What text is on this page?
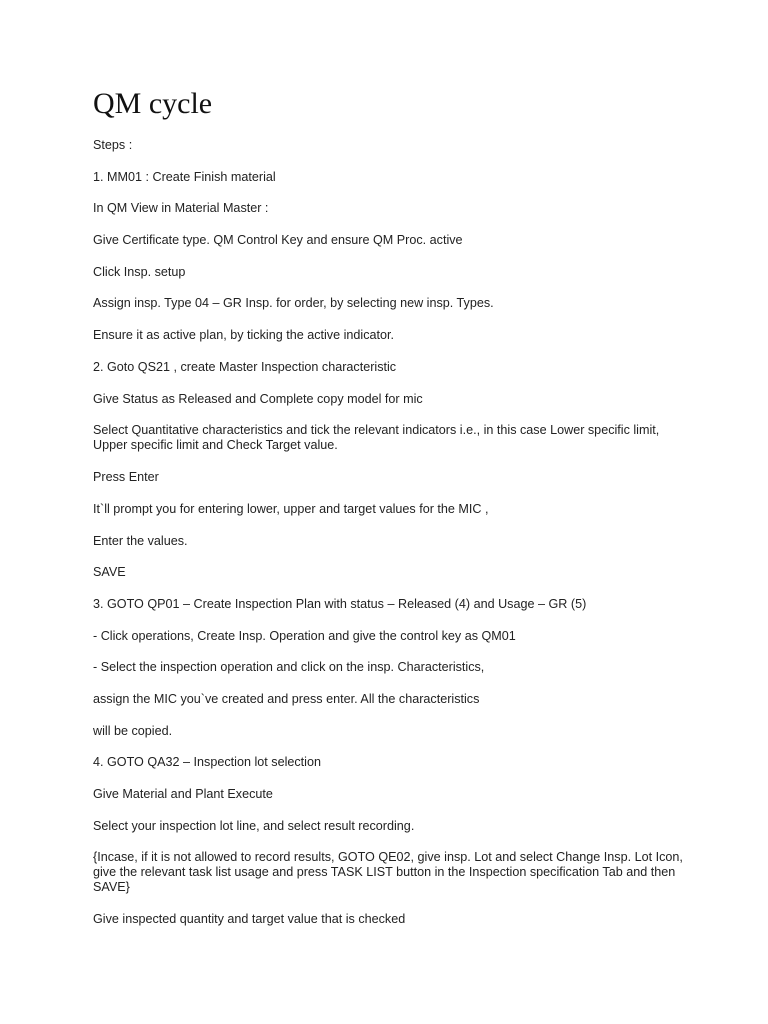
QM cycle

Steps :

1. MM01 : Create Finish material

In QM View in Material Master :

Give Certificate type. QM Control Key and ensure QM Proc. active

Click Insp. setup

Assign insp. Type 04 – GR Insp. for order, by selecting new insp. Types.

Ensure it as active plan, by ticking the active indicator.

2. Goto QS21 , create Master Inspection characteristic

Give Status as Released and Complete copy model for mic

Select Quantitative characteristics and tick the relevant indicators i.e., in this case Lower specific limit, Upper specific limit and Check Target value.

Press Enter

It`ll prompt you for entering lower, upper and target values for the MIC ,

Enter the values.

SAVE

3. GOTO QP01 – Create Inspection Plan with status – Released (4) and Usage – GR (5)

- Click operations, Create Insp. Operation and give the control key as QM01

- Select the inspection operation and click on the insp. Characteristics,

assign the MIC you`ve created and press enter. All the characteristics

will be copied.

4. GOTO QA32 – Inspection lot selection

Give Material and Plant Execute

Select your inspection lot line, and select result recording.

{Incase, if it is not allowed to record results, GOTO QE02, give insp. Lot and select Change Insp. Lot Icon, give the relevant task list usage and press TASK LIST button in the Inspection specification Tab and then SAVE}

Give inspected quantity and target value that is checked
